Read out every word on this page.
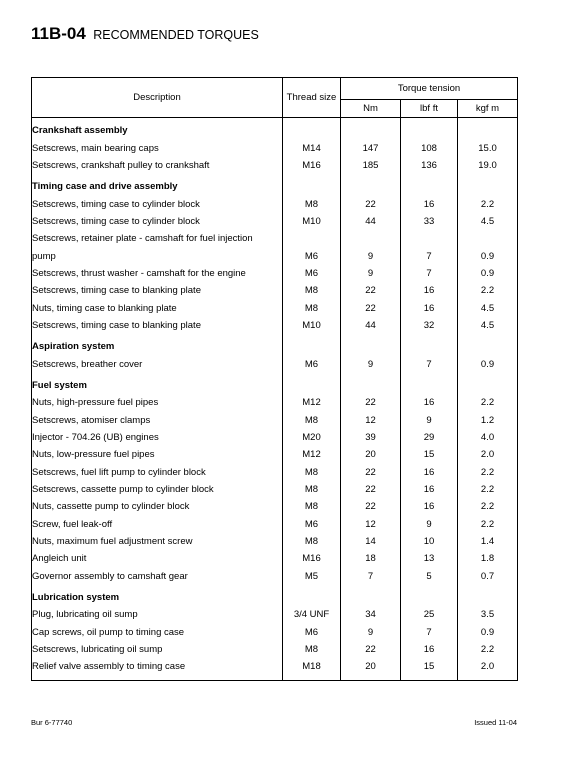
11B-04 RECOMMENDED TORQUES
Description	Thread size	Torque tension		
		Nm	lbf ft	kgf m

Crankshaft assembly				
Setscrews, main bearing caps	M14	147	108	15.0
Setscrews, crankshaft pulley to crankshaft	M16	185	136	19.0

Timing case and drive assembly				
Setscrews, timing case to cylinder block	M8	22	16	2.2
Setscrews, timing case to cylinder block	M10	44	33	4.5
Setscrews, retainer plate - camshaft for fuel injection				
pump	M6	9	7	0.9
Setscrews, thrust washer - camshaft for the engine	M6	9	7	0.9
Setscrews, timing case to blanking plate	M8	22	16	2.2
Nuts, timing case to blanking plate	M8	22	16	4.5
Setscrews, timing case to blanking plate	M10	44	32	4.5

Aspiration system				
Setscrews, breather cover	M6	9	7	0.9

Fuel system				
Nuts, high-pressure fuel pipes	M12	22	16	2.2
Setscrews, atomiser clamps	M8	12	9	1.2
Injector - 704.26 (UB) engines	M20	39	29	4.0
Nuts, low-pressure fuel pipes	M12	20	15	2.0
Setscrews, fuel lift pump to cylinder block	M8	22	16	2.2
Setscrews, cassette pump to cylinder block	M8	22	16	2.2
Nuts, cassette pump to cylinder block	M8	22	16	2.2
Screw, fuel leak-off	M6	12	9	2.2
Nuts, maximum fuel adjustment screw	M8	14	10	1.4
Angleich unit	M16	18	13	1.8
Governor assembly to camshaft gear	M5	7	5	0.7

Lubrication system				
Plug, lubricating oil sump	3/4 UNF	34	25	3.5
Cap screws, oil pump to timing case	M6	9	7	0.9
Setscrews, lubricating oil sump	M8	22	16	2.2
Relief valve assembly to timing case	M18	20	15	2.0

Bur 6-77740	Issued 11-04
